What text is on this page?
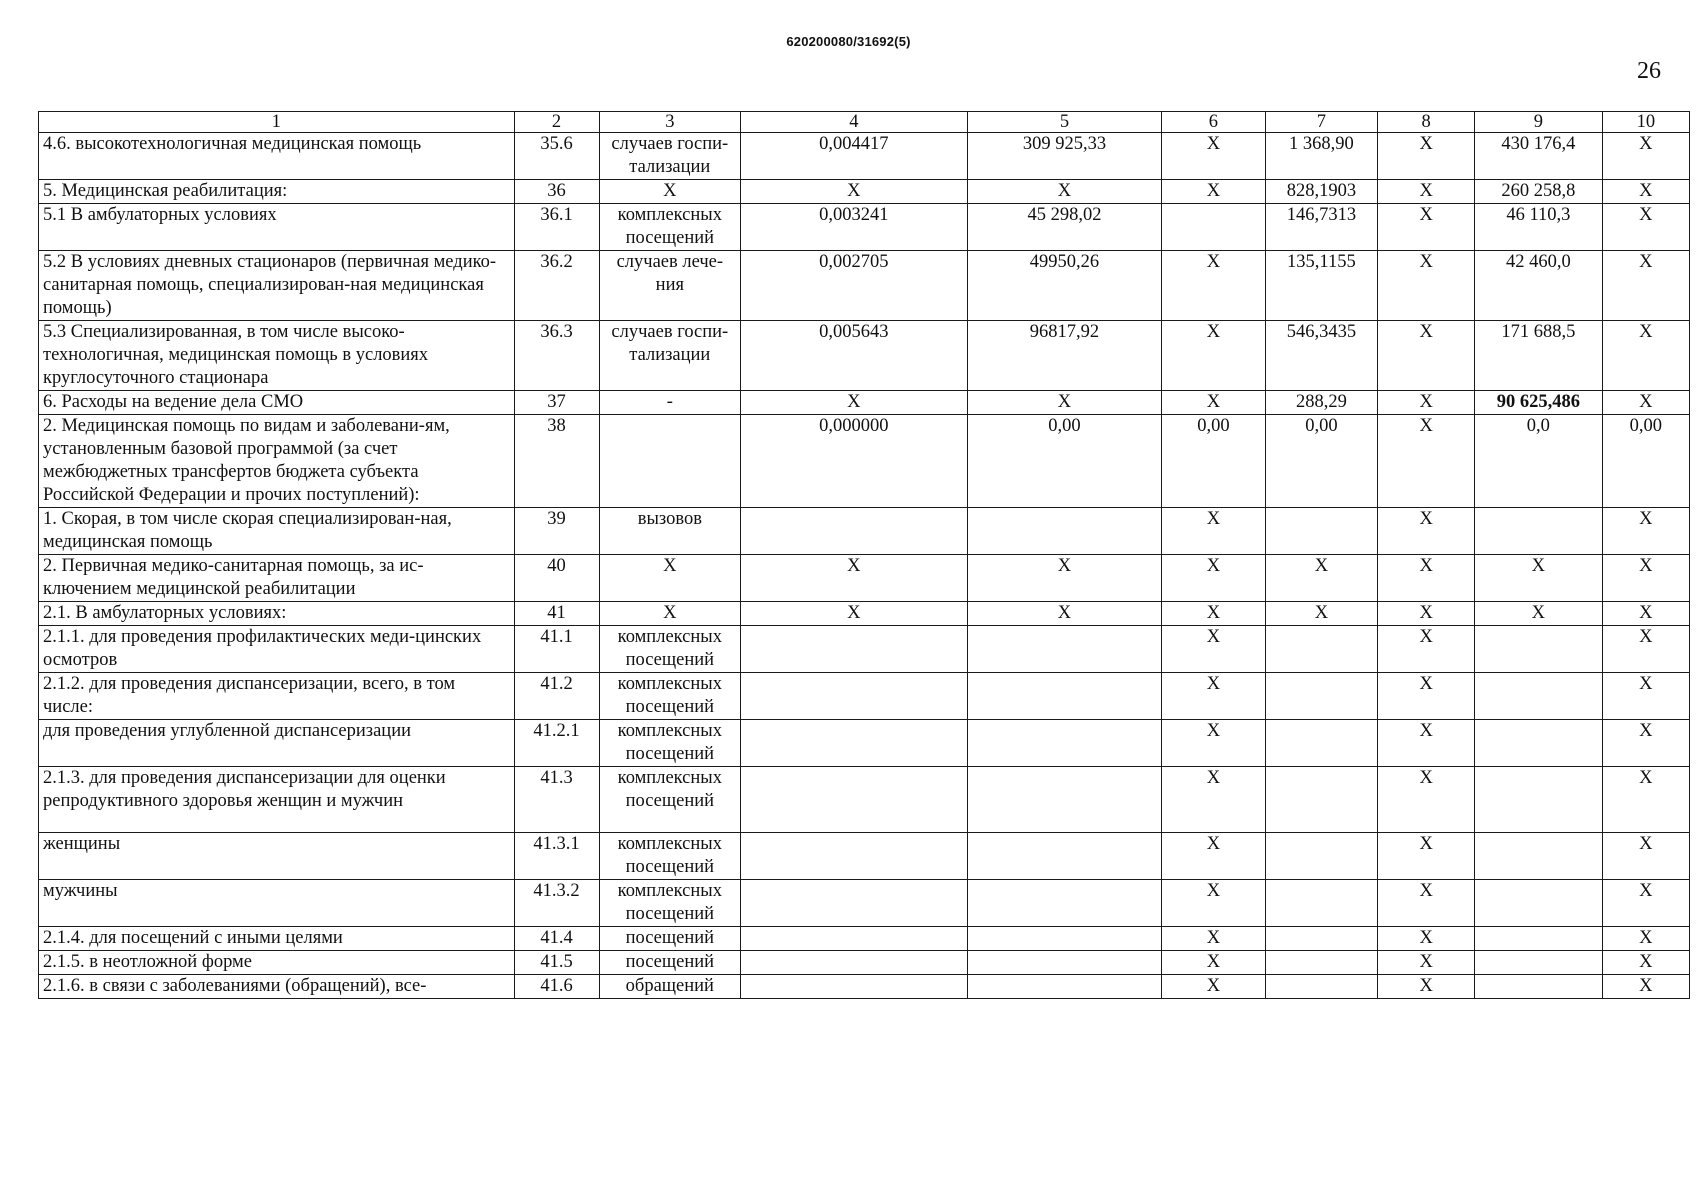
620200080/31692(5)
26
1	2	3	4	5	6	7	8	9	10
4.6. высокотехнологичная медицинская помощь	35.6	случаев госпи-тализации	0,004417	309 925,33	X	1 368,90	X	430 176,4	X
5. Медицинская реабилитация:	36	X	X	X	X	828,1903	X	260 258,8	X
5.1 В амбулаторных условиях	36.1	комплексных посещений	0,003241	45 298,02		146,7313	X	46 110,3	X
5.2 В условиях дневных стационаров (первичная медико-санитарная помощь, специализирован-ная медицинская помощь)	36.2	случаев лече-ния	0,002705	49950,26	X	135,1155	X	42 460,0	X
5.3 Специализированная, в том числе высоко-технологичная, медицинская помощь в условиях круглосуточного стационара	36.3	случаев госпи-тализации	0,005643	96817,92	X	546,3435	X	171 688,5	X
6. Расходы на ведение дела СМО	37	-	X	X	X	288,29	X	90 625,486	X
2. Медицинская помощь по видам и заболевани-ям, установленным базовой программой (за счет межбюджетных трансфертов бюджета субъекта Российской Федерации и прочих поступлений):	38		0,000000	0,00	0,00	0,00	X	0,0	0,00
1. Скорая, в том числе скорая специализирован-ная, медицинская помощь	39	вызовов			X		X		X
2. Первичная медико-санитарная помощь, за ис-ключением медицинской реабилитации	40	X	X	X	X	X	X	X	X
2.1. В амбулаторных условиях:	41	X	X	X	X	X	X	X	X
2.1.1. для проведения профилактических меди-цинских осмотров	41.1	комплексных посещений			X		X		X
2.1.2. для проведения диспансеризации, всего, в том числе:	41.2	комплексных посещений			X		X		X
для проведения углубленной диспансеризации	41.2.1	комплексных посещений			X		X		X
2.1.3. для проведения диспансеризации для оценки репродуктивного здоровья женщин и мужчин	41.3	комплексных посещений			X		X		X
женщины	41.3.1	комплексных посещений			X		X		X
мужчины	41.3.2	комплексных посещений			X		X		X
2.1.4. для посещений с иными целями	41.4	посещений			X		X		X
2.1.5. в неотложной форме	41.5	посещений			X		X		X
2.1.6. в связи с заболеваниями (обращений), все-	41.6	обращений			X		X		X
